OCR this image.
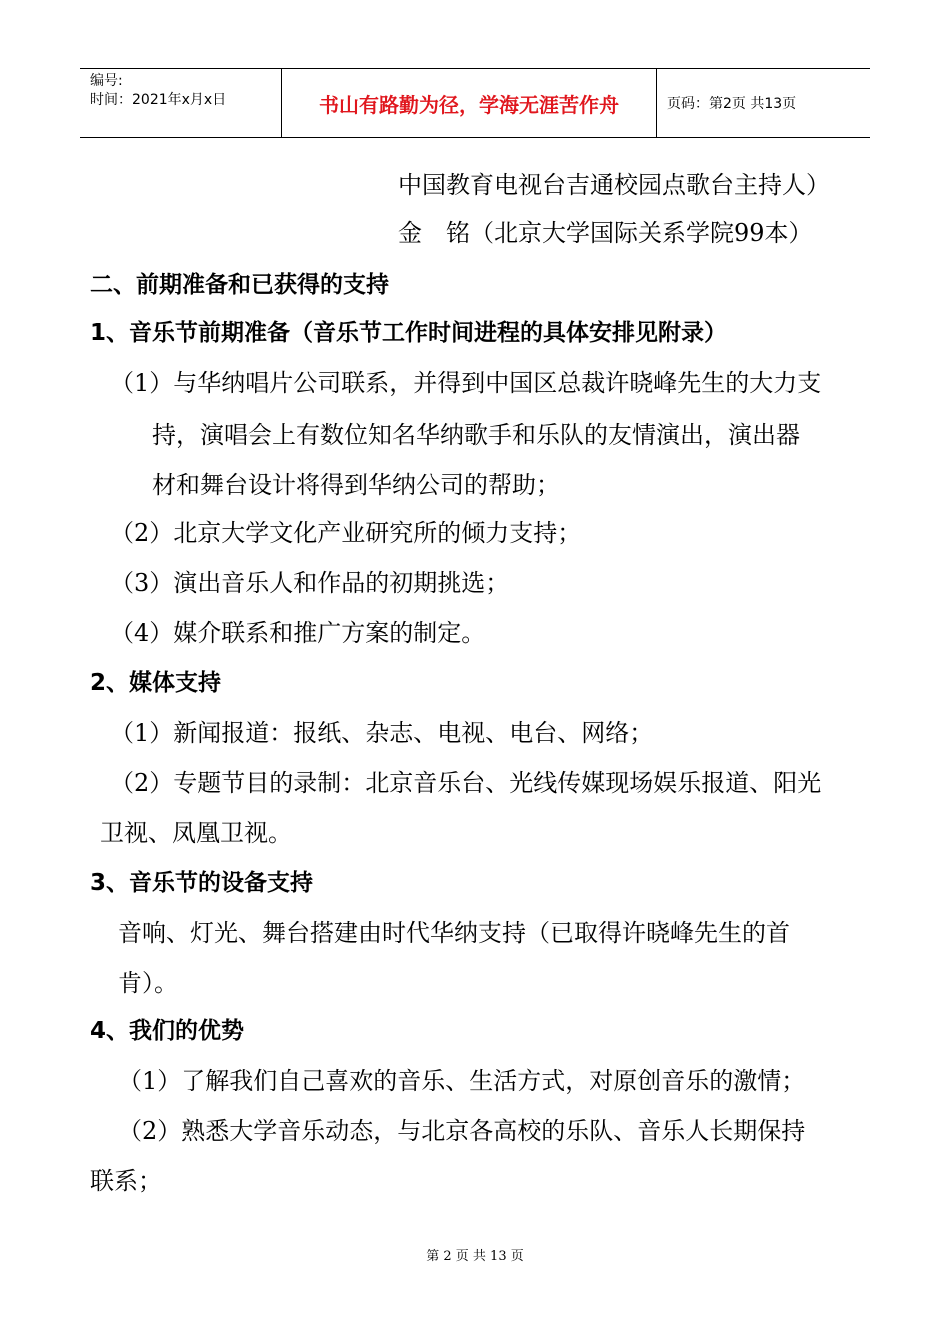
编号:
时间：2021年x月x日	书山有路勤为径，学海无涯苦作舟	页码：第2页 共13页
中国教育电视台吉通校园点歌台主持人）
金　铭（北京大学国际关系学院99本）
二、前期准备和已获得的支持
1、音乐节前期准备（音乐节工作时间进程的具体安排见附录）
（1）与华纳唱片公司联系，并得到中国区总裁许晓峰先生的大力支
持，演唱会上有数位知名华纳歌手和乐队的友情演出，演出器
材和舞台设计将得到华纳公司的帮助；
（2）北京大学文化产业研究所的倾力支持；
（3）演出音乐人和作品的初期挑选；
（4）媒介联系和推广方案的制定。
2、媒体支持
（1）新闻报道：报纸、杂志、电视、电台、网络；
（2）专题节目的录制：北京音乐台、光线传媒现场娱乐报道、阳光
卫视、凤凰卫视。
3、音乐节的设备支持
音响、灯光、舞台搭建由时代华纳支持（已取得许晓峰先生的首
肯）。
4、我们的优势
（1）了解我们自己喜欢的音乐、生活方式，对原创音乐的激情；
（2）熟悉大学音乐动态，与北京各高校的乐队、音乐人长期保持
联系；
第 2 页 共 13 页
